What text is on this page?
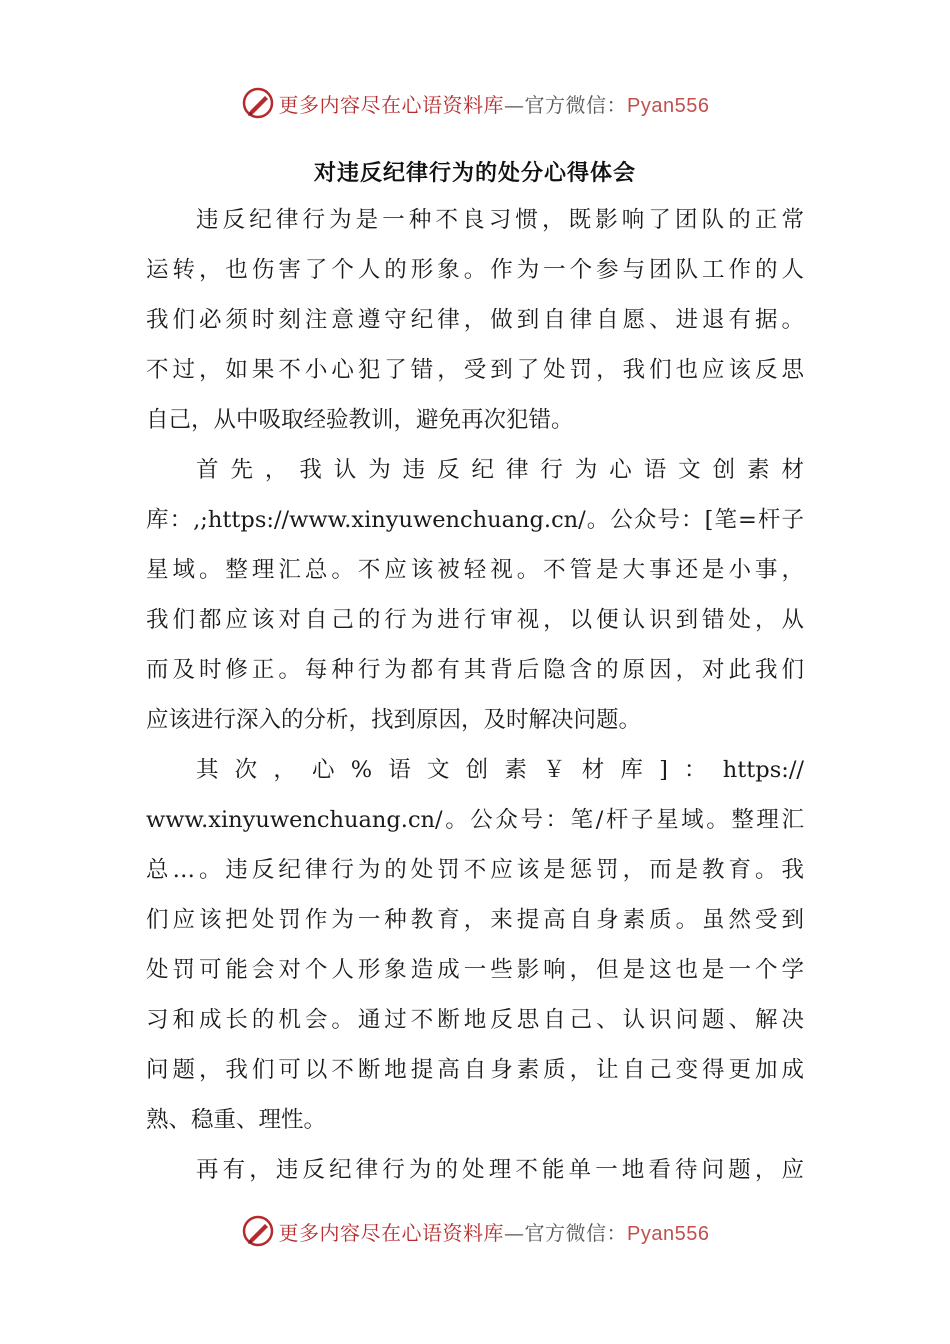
更多内容尽在心语资料库—官方微信：Pyan556
对违反纪律行为的处分心得体会
违反纪律行为是一种不良习惯，既影响了团队的正常
运转，也伤害了个人的形象。作为一个参与团队工作的人
我们必须时刻注意遵守纪律，做到自律自愿、进退有据。
不过，如果不小心犯了错，受到了处罚，我们也应该反思
自己，从中吸取经验教训，避免再次犯错。
首先，我认为违反纪律行为心语文创素材
库：,;https://www.xinyuwenchuang.cn/。公众号：[笔=杆子
星域。整理汇总。不应该被轻视。不管是大事还是小事，
我们都应该对自己的行为进行审视，以便认识到错处，从
而及时修正。每种行为都有其背后隐含的原因，对此我们
应该进行深入的分析，找到原因，及时解决问题。
其次，心%语文创素￥材库]：https://
www.xinyuwenchuang.cn/。公众号：笔/杆子星域。整理汇
总…。违反纪律行为的处罚不应该是惩罚，而是教育。我
们应该把处罚作为一种教育，来提高自身素质。虽然受到
处罚可能会对个人形象造成一些影响，但是这也是一个学
习和成长的机会。通过不断地反思自己、认识问题、解决
问题，我们可以不断地提高自身素质，让自己变得更加成
熟、稳重、理性。
再有，违反纪律行为的处理不能单一地看待问题，应
更多内容尽在心语资料库—官方微信：Pyan556
